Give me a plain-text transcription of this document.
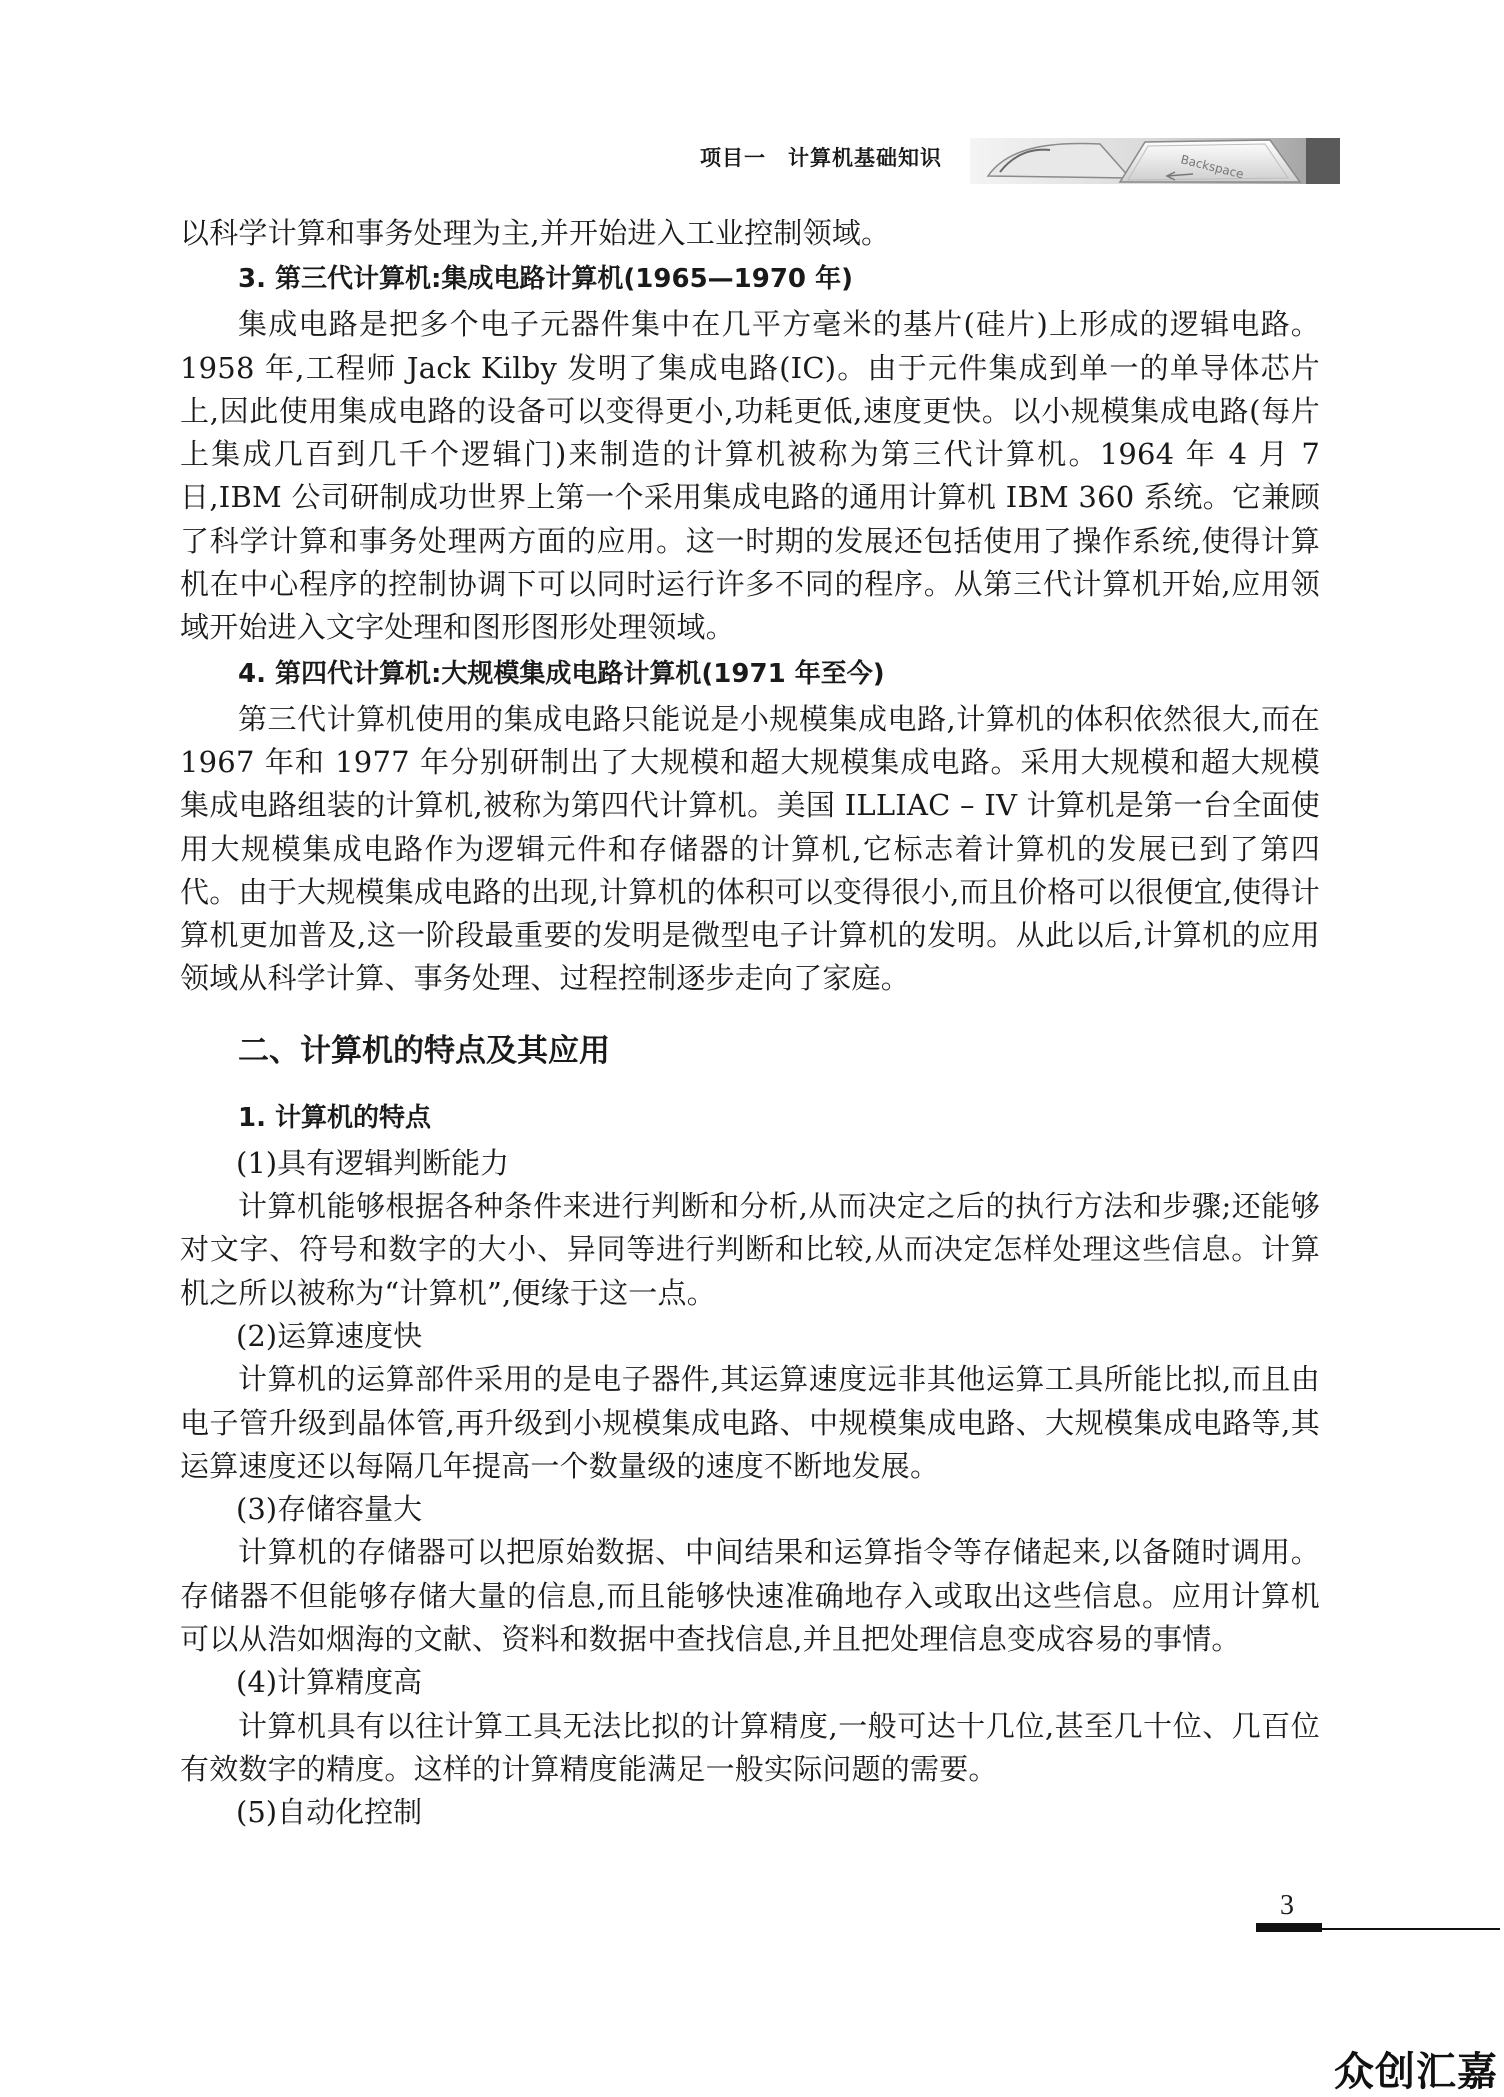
项目一 计算机基础知识	Backspace

以科学计算和事务处理为主,并开始进入工业控制领域。

3. 第三代计算机:集成电路计算机(1965—1970 年)

集成电路是把多个电子元器件集中在几平方毫米的基片(硅片)上形成的逻辑电路。1958 年,工程师 Jack Kilby 发明了集成电路(IC)。由于元件集成到单一的单导体芯片上,因此使用集成电路的设备可以变得更小,功耗更低,速度更快。以小规模集成电路(每片上集成几百到几千个逻辑门)来制造的计算机被称为第三代计算机。1964 年 4 月 7 日,IBM 公司研制成功世界上第一个采用集成电路的通用计算机 IBM 360 系统。它兼顾了科学计算和事务处理两方面的应用。这一时期的发展还包括使用了操作系统,使得计算机在中心程序的控制协调下可以同时运行许多不同的程序。从第三代计算机开始,应用领域开始进入文字处理和图形图形处理领域。

4. 第四代计算机:大规模集成电路计算机(1971 年至今)

第三代计算机使用的集成电路只能说是小规模集成电路,计算机的体积依然很大,而在 1967 年和 1977 年分别研制出了大规模和超大规模集成电路。采用大规模和超大规模集成电路组装的计算机,被称为第四代计算机。美国 ILLIAC – IV 计算机是第一台全面使用大规模集成电路作为逻辑元件和存储器的计算机,它标志着计算机的发展已到了第四代。由于大规模集成电路的出现,计算机的体积可以变得很小,而且价格可以很便宜,使得计算机更加普及,这一阶段最重要的发明是微型电子计算机的发明。从此以后,计算机的应用领域从科学计算、事务处理、过程控制逐步走向了家庭。

二、计算机的特点及其应用
1. 计算机的特点
(1)具有逻辑判断能力

计算机能够根据各种条件来进行判断和分析,从而决定之后的执行方法和步骤;还能够对文字、符号和数字的大小、异同等进行判断和比较,从而决定怎样处理这些信息。计算机之所以被称为“计算机”,便缘于这一点。

(2)运算速度快

计算机的运算部件采用的是电子器件,其运算速度远非其他运算工具所能比拟,而且由电子管升级到晶体管,再升级到小规模集成电路、中规模集成电路、大规模集成电路等,其运算速度还以每隔几年提高一个数量级的速度不断地发展。

(3)存储容量大

计算机的存储器可以把原始数据、中间结果和运算指令等存储起来,以备随时调用。存储器不但能够存储大量的信息,而且能够快速准确地存入或取出这些信息。应用计算机可以从浩如烟海的文献、资料和数据中查找信息,并且把处理信息变成容易的事情。

(4)计算精度高

计算机具有以往计算工具无法比拟的计算精度,一般可达十几位,甚至几十位、几百位有效数字的精度。这样的计算精度能满足一般实际问题的需要。

(5)自动化控制
3
众创汇嘉
